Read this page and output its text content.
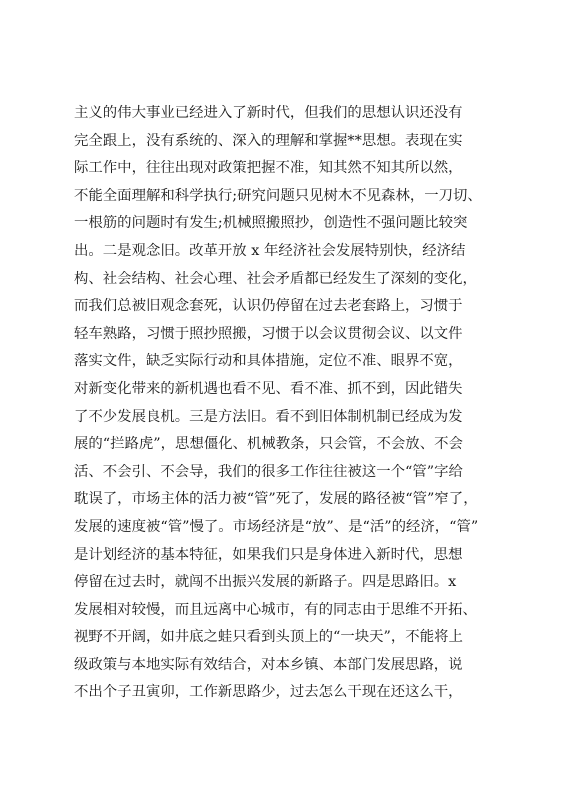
主义的伟大事业已经进入了新时代，但我们的思想认识还没有
完全跟上，没有系统的、深入的理解和掌握**思想。表现在实
际工作中，往往出现对政策把握不准，知其然不知其所以然，
不能全面理解和科学执行;研究问题只见树木不见森林，一刀切、
一根筋的问题时有发生;机械照搬照抄，创造性不强问题比较突
出。二是观念旧。改革开放 x 年经济社会发展特别快，经济结
构、社会结构、社会心理、社会矛盾都已经发生了深刻的变化，
而我们总被旧观念套死，认识仍停留在过去老套路上，习惯于
轻车熟路，习惯于照抄照搬，习惯于以会议贯彻会议、以文件
落实文件，缺乏实际行动和具体措施，定位不准、眼界不宽，
对新变化带来的新机遇也看不见、看不准、抓不到，因此错失
了不少发展良机。三是方法旧。看不到旧体制机制已经成为发
展的“拦路虎”，思想僵化、机械教条，只会管，不会放、不会
活、不会引、不会导，我们的很多工作往往被这一个“管”字给
耽误了，市场主体的活力被“管”死了，发展的路径被“管”窄了，
发展的速度被“管”慢了。市场经济是“放”、是“活”的经济，“管”
是计划经济的基本特征，如果我们只是身体进入新时代，思想
停留在过去时，就闯不出振兴发展的新路子。四是思路旧。x
发展相对较慢，而且远离中心城市，有的同志由于思维不开拓、
视野不开阔，如井底之蛙只看到头顶上的“一块天”，不能将上
级政策与本地实际有效结合，对本乡镇、本部门发展思路，说
不出个子丑寅卯，工作新思路少，过去怎么干现在还这么干，
